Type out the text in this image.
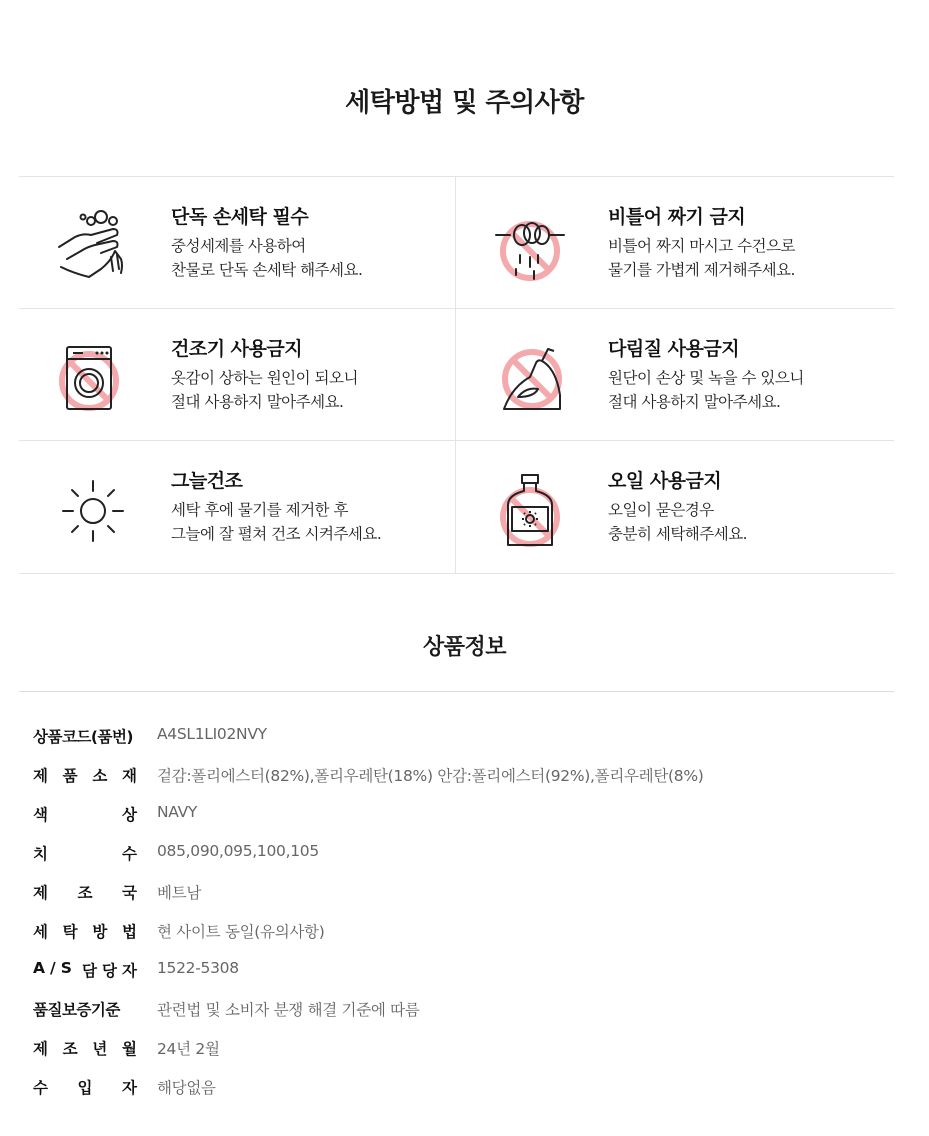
세탁방법 및 주의사항
단독 손세탁 필수
중성세제를 사용하여
찬물로 단독 손세탁 해주세요.
비틀어 짜기 금지
비틀어 짜지 마시고 수건으로
물기를 가볍게 제거해주세요.
건조기 사용금지
옷감이 상하는 원인이 되오니
절대 사용하지 말아주세요.
다림질 사용금지
원단이 손상 및 녹을 수 있으니
절대 사용하지 말아주세요.
그늘건조
세탁 후에 물기를 제거한 후
그늘에 잘 펼쳐 건조 시켜주세요.
오일 사용금지
오일이 묻은경우
충분히 세탁해주세요.
상품정보
상품코드(품번) A4SL1LI02NVY
제 품 소 재 겉감:폴리에스터(82%),폴리우레탄(18%) 안감:폴리에스터(92%),폴리우레탄(8%)
색	상 NAVY
치	수 085,090,095,100,105
제 조 국 베트남
세 탁 방 법 현 사이트 동일(유의사항)
A / S 담 당 자 1522-5308
품질보증기준	관련법 및 소비자 분쟁 해결 기준에 따름
제 조 년 월 24년 2월
수 입 자 해당없음
